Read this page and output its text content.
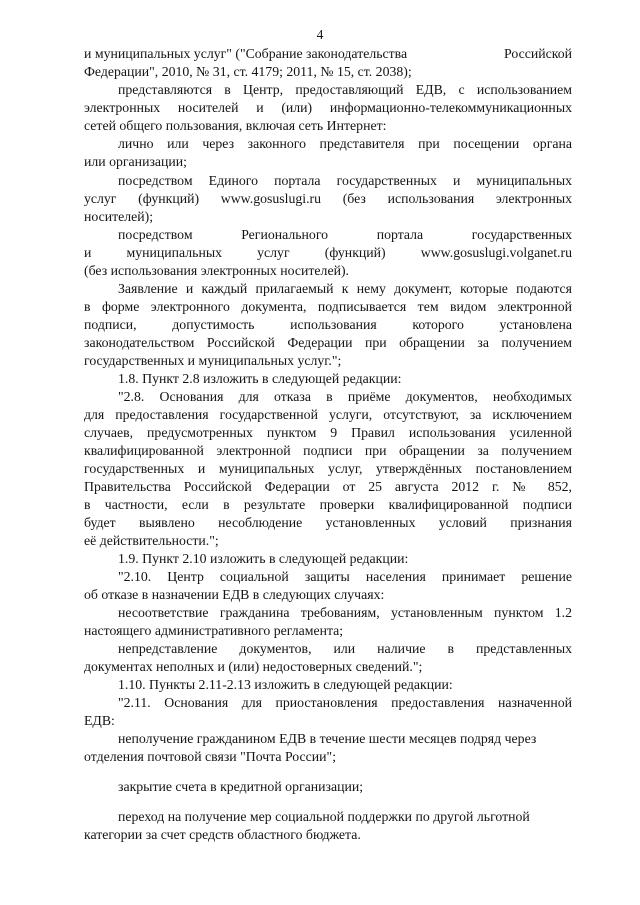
4
и муниципальных услуг" ("Собрание законодательства	Российской
Федерации", 2010, № 31, ст. 4179; 2011, № 15, ст. 2038);
представляются в Центр, предоставляющий ЕДВ, с использованием
электронных носителей и (или) информационно-телекоммуникационных
сетей общего пользования, включая сеть Интернет:
лично или через законного представителя при посещении органа
или организации;
посредством Единого портала государственных и муниципальных
услуг (функций) www.gosuslugi.ru (без использования электронных
носителей);
посредством Регионального портала государственных
и муниципальных услуг (функций) www.gosuslugi.volganet.ru
(без использования электронных носителей).
Заявление и каждый прилагаемый к нему документ, которые подаются
в форме электронного документа, подписывается тем видом электронной
подписи, допустимость использования которого установлена
законодательством Российской Федерации при обращении за получением
государственных и муниципальных услуг.";
1.8. Пункт 2.8 изложить в следующей редакции:
"2.8. Основания для отказа в приёме документов, необходимых
для предоставления государственной услуги, отсутствуют, за исключением
случаев, предусмотренных пунктом 9 Правил использования усиленной
квалифицированной электронной подписи при обращении за получением
государственных и муниципальных услуг, утверждённых постановлением
Правительства Российской Федерации от 25 августа 2012 г. № 852,
в частности, если в результате проверки квалифицированной подписи
будет выявлено несоблюдение установленных условий признания
её действительности.";
1.9. Пункт 2.10 изложить в следующей редакции:
"2.10. Центр социальной защиты населения принимает решение
об отказе в назначении ЕДВ в следующих случаях:
несоответствие гражданина требованиям, установленным пунктом 1.2
настоящего административного регламента;
непредставление документов, или наличие в представленных
документах неполных и (или) недостоверных сведений.";
1.10. Пункты 2.11-2.13 изложить в следующей редакции:
"2.11. Основания для приостановления предоставления назначенной
ЕДВ:
неполучение гражданином ЕДВ в течение шести месяцев подряд через
отделения почтовой связи "Почта России";
закрытие счета в кредитной организации;
переход на получение мер социальной поддержки по другой льготной
категории за счет средств областного бюджета.
